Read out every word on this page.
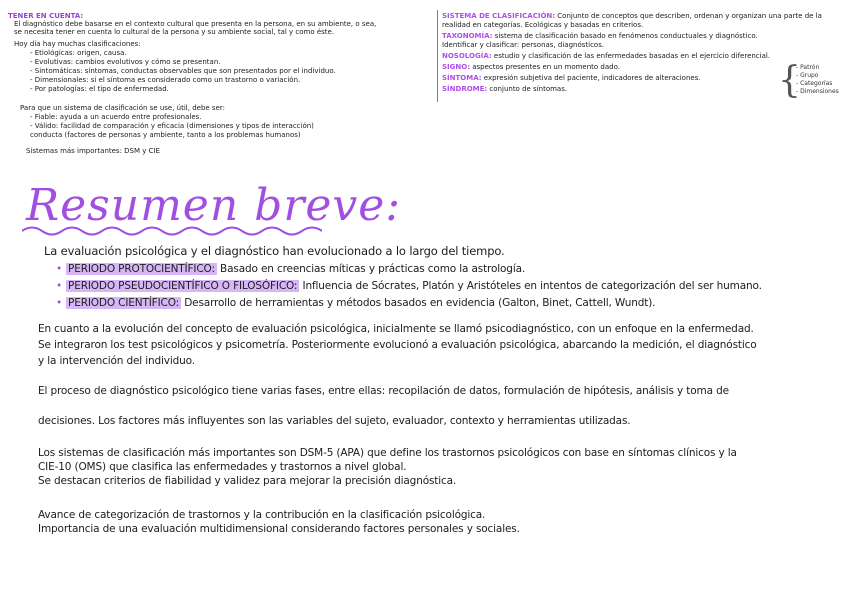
TENER EN CUENTA:
El diagnóstico debe basarse en el contexto cultural que presenta en la persona, en su ambiente, o sea,
se necesita tener en cuenta lo cultural de la persona y su ambiente social, tal y como éste.
Hoy día hay muchas clasificaciones:
- Etiológicas: origen, causa.
- Evolutivas: cambios evolutivos y cómo se presentan.
- Sintomáticas: síntomas, conductas observables que son presentados por el individuo.
- Dimensionales: si el síntoma es considerado como un trastorno o variación.
- Por patologías: el tipo de enfermedad.
Para que un sistema de clasificación se use, útil, debe ser:
- Fiable: ayuda a un acuerdo entre profesionales.
- Válido: facilidad de comparación y eficacia (dimensiones y tipos de interacción)
conducta (factores de personas y ambiente, tanto a los problemas humanos)
Sistemas más importantes: DSM y CIE
SISTEMA DE CLASIFICACIÓN: Conjunto de conceptos que describen, ordenan y organizan una parte de la
realidad en categorías. Ecológicas y basadas en criterios.
TAXONOMÍA: sistema de clasificación basado en fenómenos conductuales y diagnóstico.
Identificar y clasificar: personas, diagnósticos.
NOSOLOGÍA: estudio y clasificación de las enfermedades basadas en el ejercicio diferencial.
SIGNO: aspectos presentes en un momento dado.
SÍNTOMA: expresión subjetiva del paciente, indicadores de alteraciones.
SÍNDROME: conjunto de síntomas.	{
- Patrón
- Grupo
- Categorías
- Dimensiones
Resumen breve:
La evaluación psicológica y el diagnóstico han evolucionado a lo largo del tiempo.
• PERIODO PROTOCIENTÍFICO: Basado en creencias míticas y prácticas como la astrología.
• PERIODO PSEUDOCIENTÍFICO O FILOSÓFICO: Influencia de Sócrates, Platón y Aristóteles en intentos de categorización del ser humano.
• PERIODO CIENTÍFICO: Desarrollo de herramientas y métodos basados en evidencia (Galton, Binet, Cattell, Wundt).
En cuanto a la evolución del concepto de evaluación psicológica, inicialmente se llamó psicodiagnóstico, con un enfoque en la enfermedad.
Se integraron los test psicológicos y psicometría. Posteriormente evolucionó a evaluación psicológica, abarcando la medición, el diagnóstico
y la intervención del individuo.
El proceso de diagnóstico psicológico tiene varias fases, entre ellas: recopilación de datos, formulación de hipótesis, análisis y toma de
decisiones. Los factores más influyentes son las variables del sujeto, evaluador, contexto y herramientas utilizadas.
Los sistemas de clasificación más importantes son DSM-5 (APA) que define los trastornos psicológicos con base en síntomas clínicos y la
CIE-10 (OMS) que clasifica las enfermedades y trastornos a nivel global.
Se destacan criterios de fiabilidad y validez para mejorar la precisión diagnóstica.
Avance de categorización de trastornos y la contribución en la clasificación psicológica.
Importancia de una evaluación multidimensional considerando factores personales y sociales.
